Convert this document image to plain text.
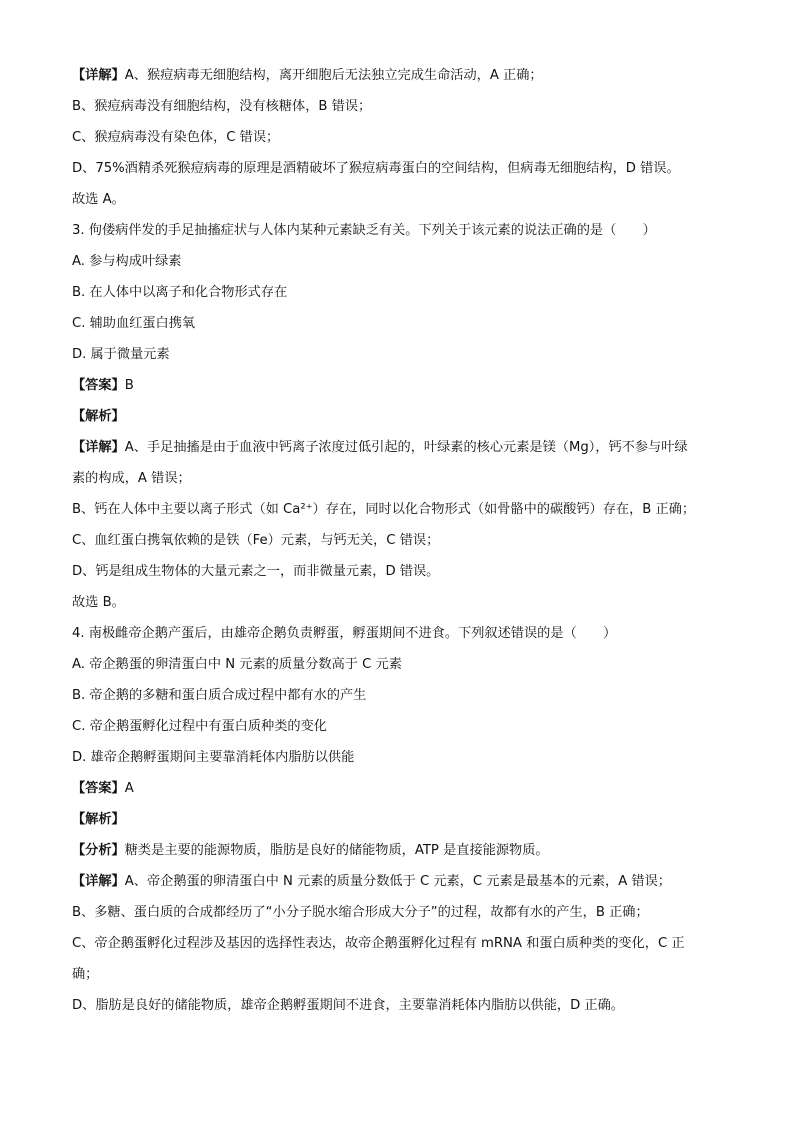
【详解】A、猴痘病毒无细胞结构，离开细胞后无法独立完成生命活动，A 正确；
B、猴痘病毒没有细胞结构，没有核糖体，B 错误；
C、猴痘病毒没有染色体，C 错误；
D、75%酒精杀死猴痘病毒的原理是酒精破坏了猴痘病毒蛋白的空间结构，但病毒无细胞结构，D 错误。
故选 A。
3. 佝偻病伴发的手足抽搐症状与人体内某种元素缺乏有关。下列关于该元素的说法正确的是（　　）
A. 参与构成叶绿素
B. 在人体中以离子和化合物形式存在
C. 辅助血红蛋白携氧
D. 属于微量元素
【答案】B
【解析】
【详解】A、手足抽搐是由于血液中钙离子浓度过低引起的，叶绿素的核心元素是镁（Mg），钙不参与叶绿
素的构成，A 错误；
B、钙在人体中主要以离子形式（如 Ca²⁺）存在，同时以化合物形式（如骨骼中的碳酸钙）存在，B 正确；
C、血红蛋白携氧依赖的是铁（Fe）元素，与钙无关，C 错误；
D、钙是组成生物体的大量元素之一，而非微量元素，D 错误。
故选 B。
4. 南极雌帝企鹅产蛋后，由雄帝企鹅负责孵蛋，孵蛋期间不进食。下列叙述错误的是（　　）
A. 帝企鹅蛋的卵清蛋白中 N 元素的质量分数高于 C 元素
B. 帝企鹅的多糖和蛋白质合成过程中都有水的产生
C. 帝企鹅蛋孵化过程中有蛋白质种类的变化
D. 雄帝企鹅孵蛋期间主要靠消耗体内脂肪以供能
【答案】A
【解析】
【分析】糖类是主要的能源物质，脂肪是良好的储能物质，ATP 是直接能源物质。
【详解】A、帝企鹅蛋的卵清蛋白中 N 元素的质量分数低于 C 元素，C 元素是最基本的元素，A 错误；
B、多糖、蛋白质的合成都经历了“小分子脱水缩合形成大分子”的过程，故都有水的产生，B 正确；
C、帝企鹅蛋孵化过程涉及基因的选择性表达，故帝企鹅蛋孵化过程有 mRNA 和蛋白质种类的变化，C 正
确；
D、脂肪是良好的储能物质，雄帝企鹅孵蛋期间不进食，主要靠消耗体内脂肪以供能，D 正确。
